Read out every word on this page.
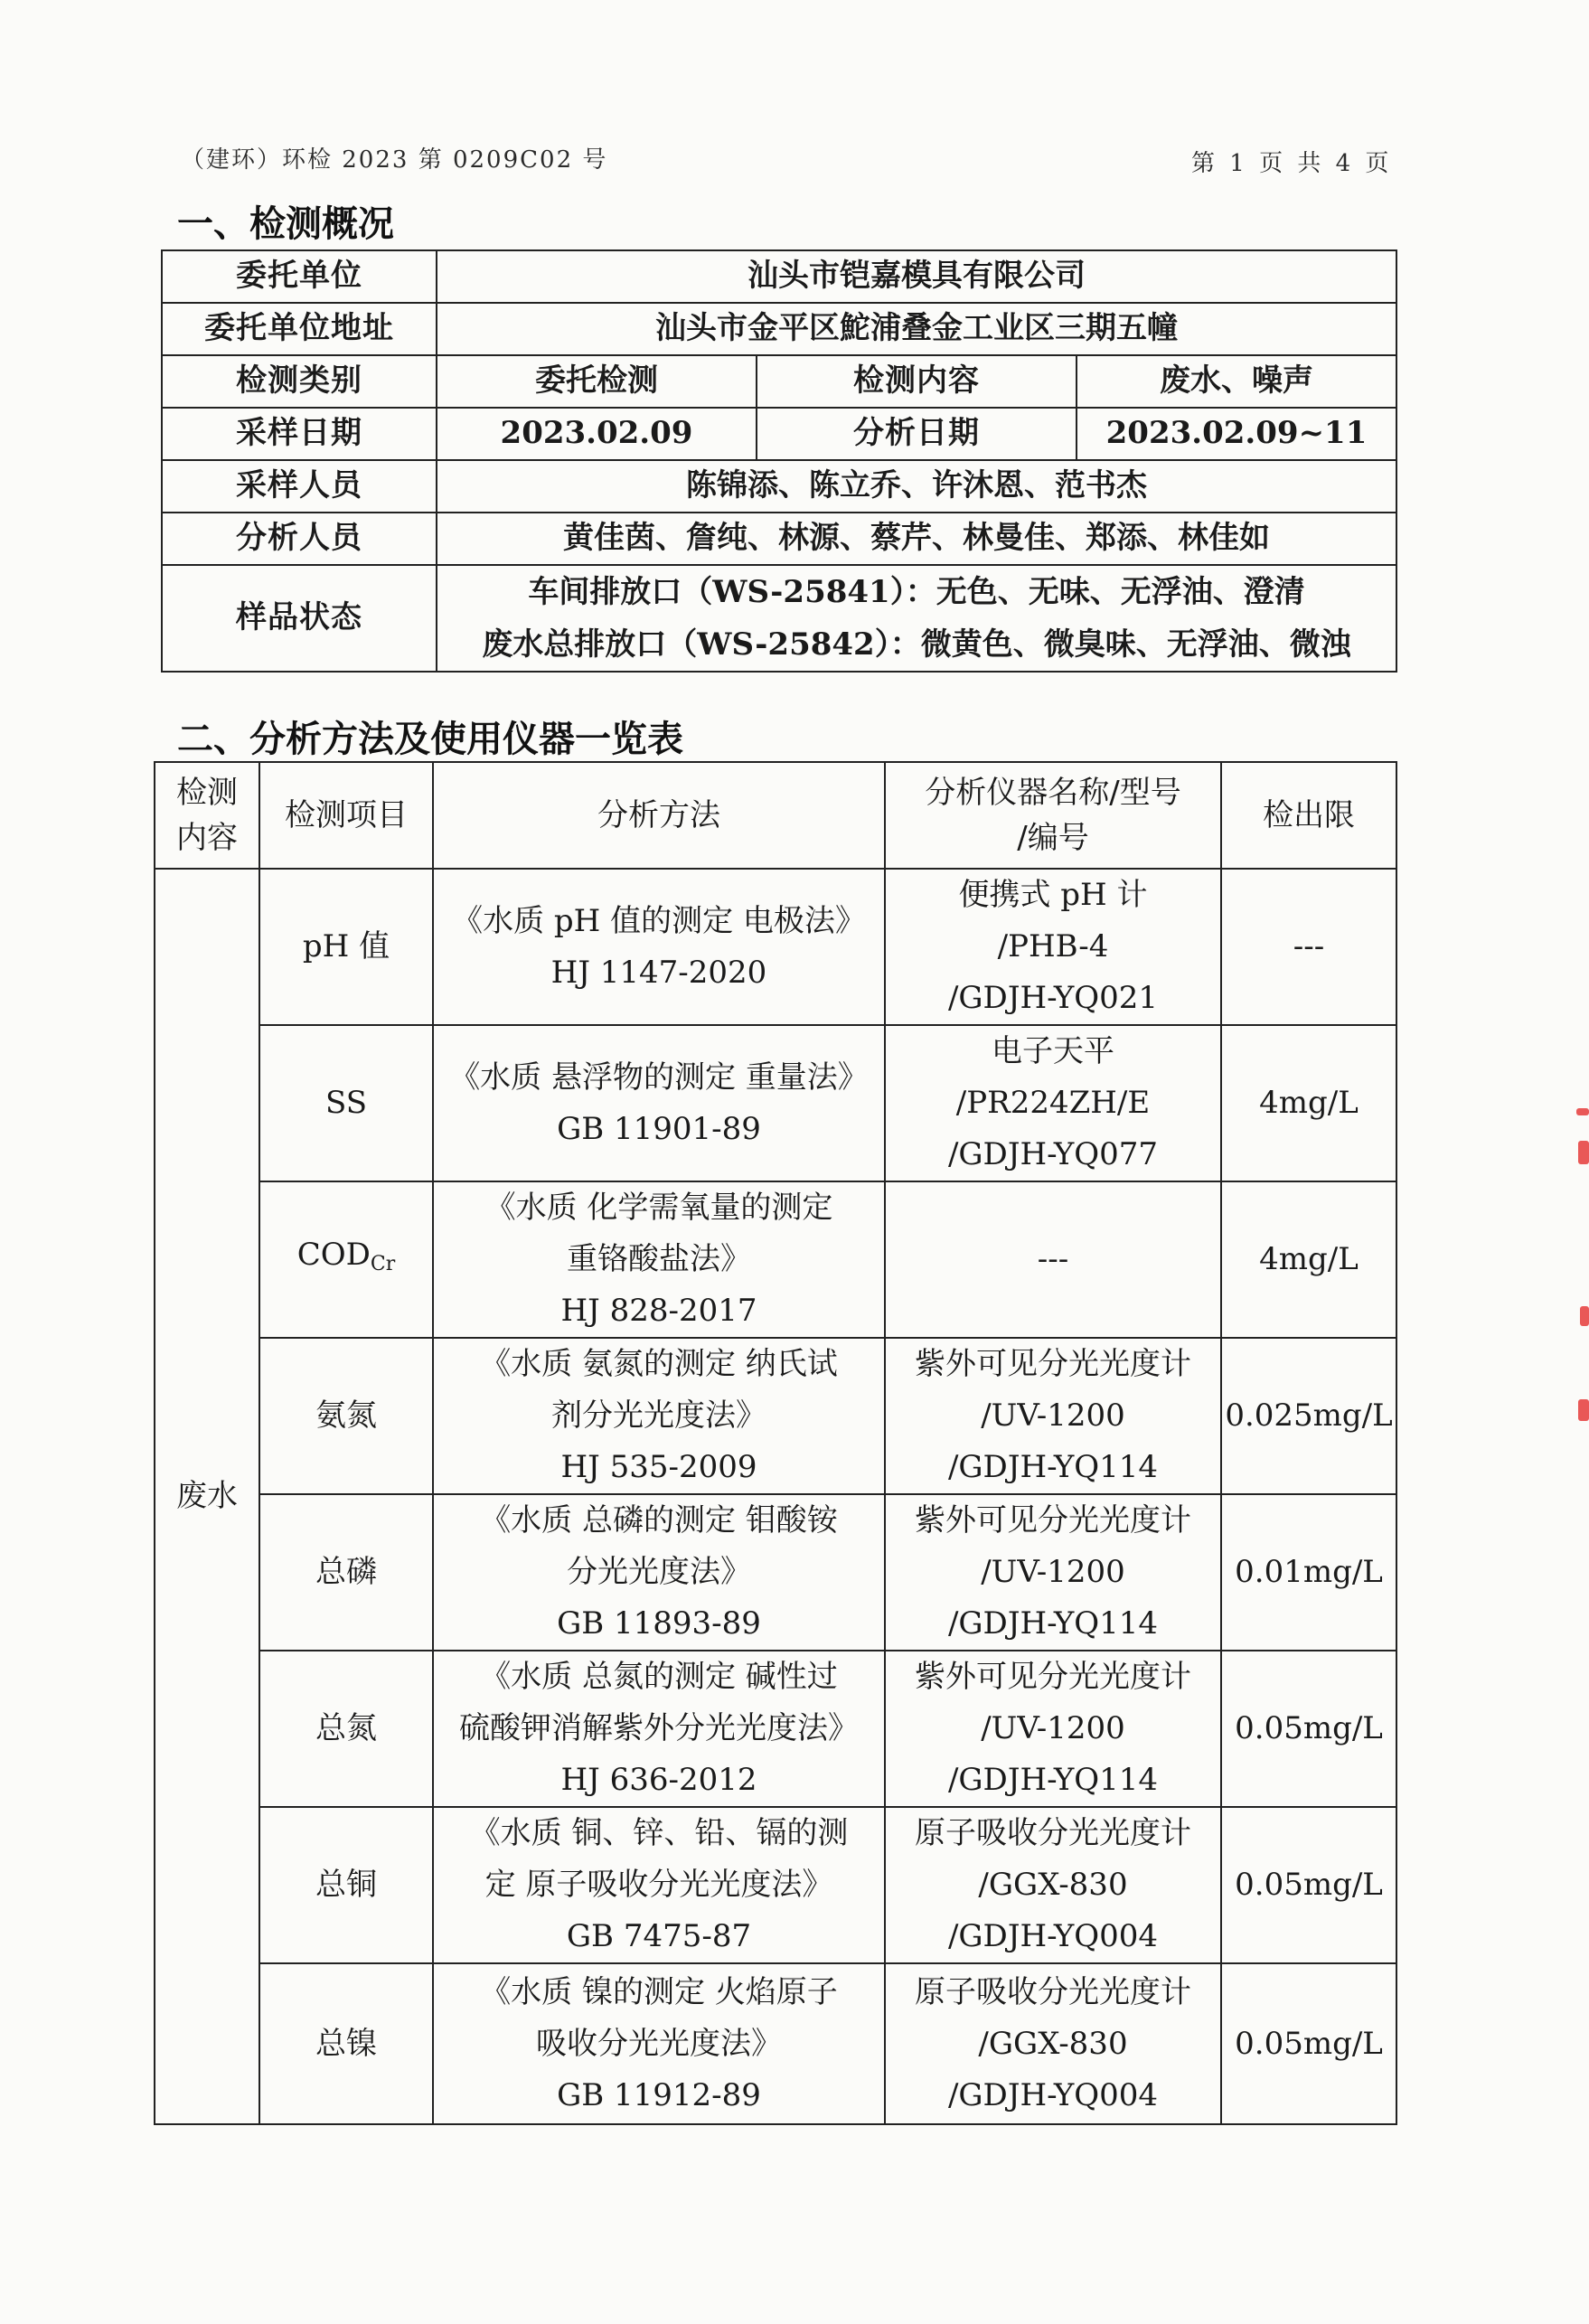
（建环）环检 2023 第 0209C02 号	第 1 页 共 4 页
一、检测概况
委托单位	汕头市铠嘉模具有限公司		
委托单位地址	汕头市金平区鮀浦叠金工业区三期五幢		
检测类别	委托检测	检测内容	废水、噪声
采样日期	2023.02.09	分析日期	2023.02.09~11
采样人员	陈锦添、陈立乔、许沐恩、范书杰		
分析人员	黄佳茵、詹纯、林源、蔡芹、林曼佳、郑添、林佳如		
样品状态	车间排放口（WS-25841）：无色、无味、无浮油、澄清
废水总排放口（WS-25842）：微黄色、微臭味、无浮油、微浊		
二、分析方法及使用仪器一览表
检测
内容	检测项目	分析方法	分析仪器名称/型号
/编号	检出限
废水	pH 值	《水质 pH 值的测定 电极法》
HJ 1147-2020	便携式 pH 计
/PHB-4
/GDJH-YQ021	---
	SS	《水质 悬浮物的测定 重量法》
GB 11901-89	电子天平
/PR224ZH/E
/GDJH-YQ077	4mg/L
	$COD_{Cr}$	《水质 化学需氧量的测定
重铬酸盐法》
HJ 828-2017	---	4mg/L
	氨氮	《水质 氨氮的测定 纳氏试
剂分光光度法》
HJ 535-2009	紫外可见分光光度计
/UV-1200
/GDJH-YQ114	0.025mg/L
	总磷	《水质 总磷的测定 钼酸铵
分光光度法》
GB 11893-89	紫外可见分光光度计
/UV-1200
/GDJH-YQ114	0.01mg/L
	总氮	《水质 总氮的测定 碱性过
硫酸钾消解紫外分光光度法》
HJ 636-2012	紫外可见分光光度计
/UV-1200
/GDJH-YQ114	0.05mg/L
	总铜	《水质 铜、锌、铅、镉的测
定 原子吸收分光光度法》
GB 7475-87	原子吸收分光光度计
/GGX-830
/GDJH-YQ004	0.05mg/L
	总镍	《水质 镍的测定 火焰原子
吸收分光光度法》
GB 11912-89	原子吸收分光光度计
/GGX-830
/GDJH-YQ004	0.05mg/L
